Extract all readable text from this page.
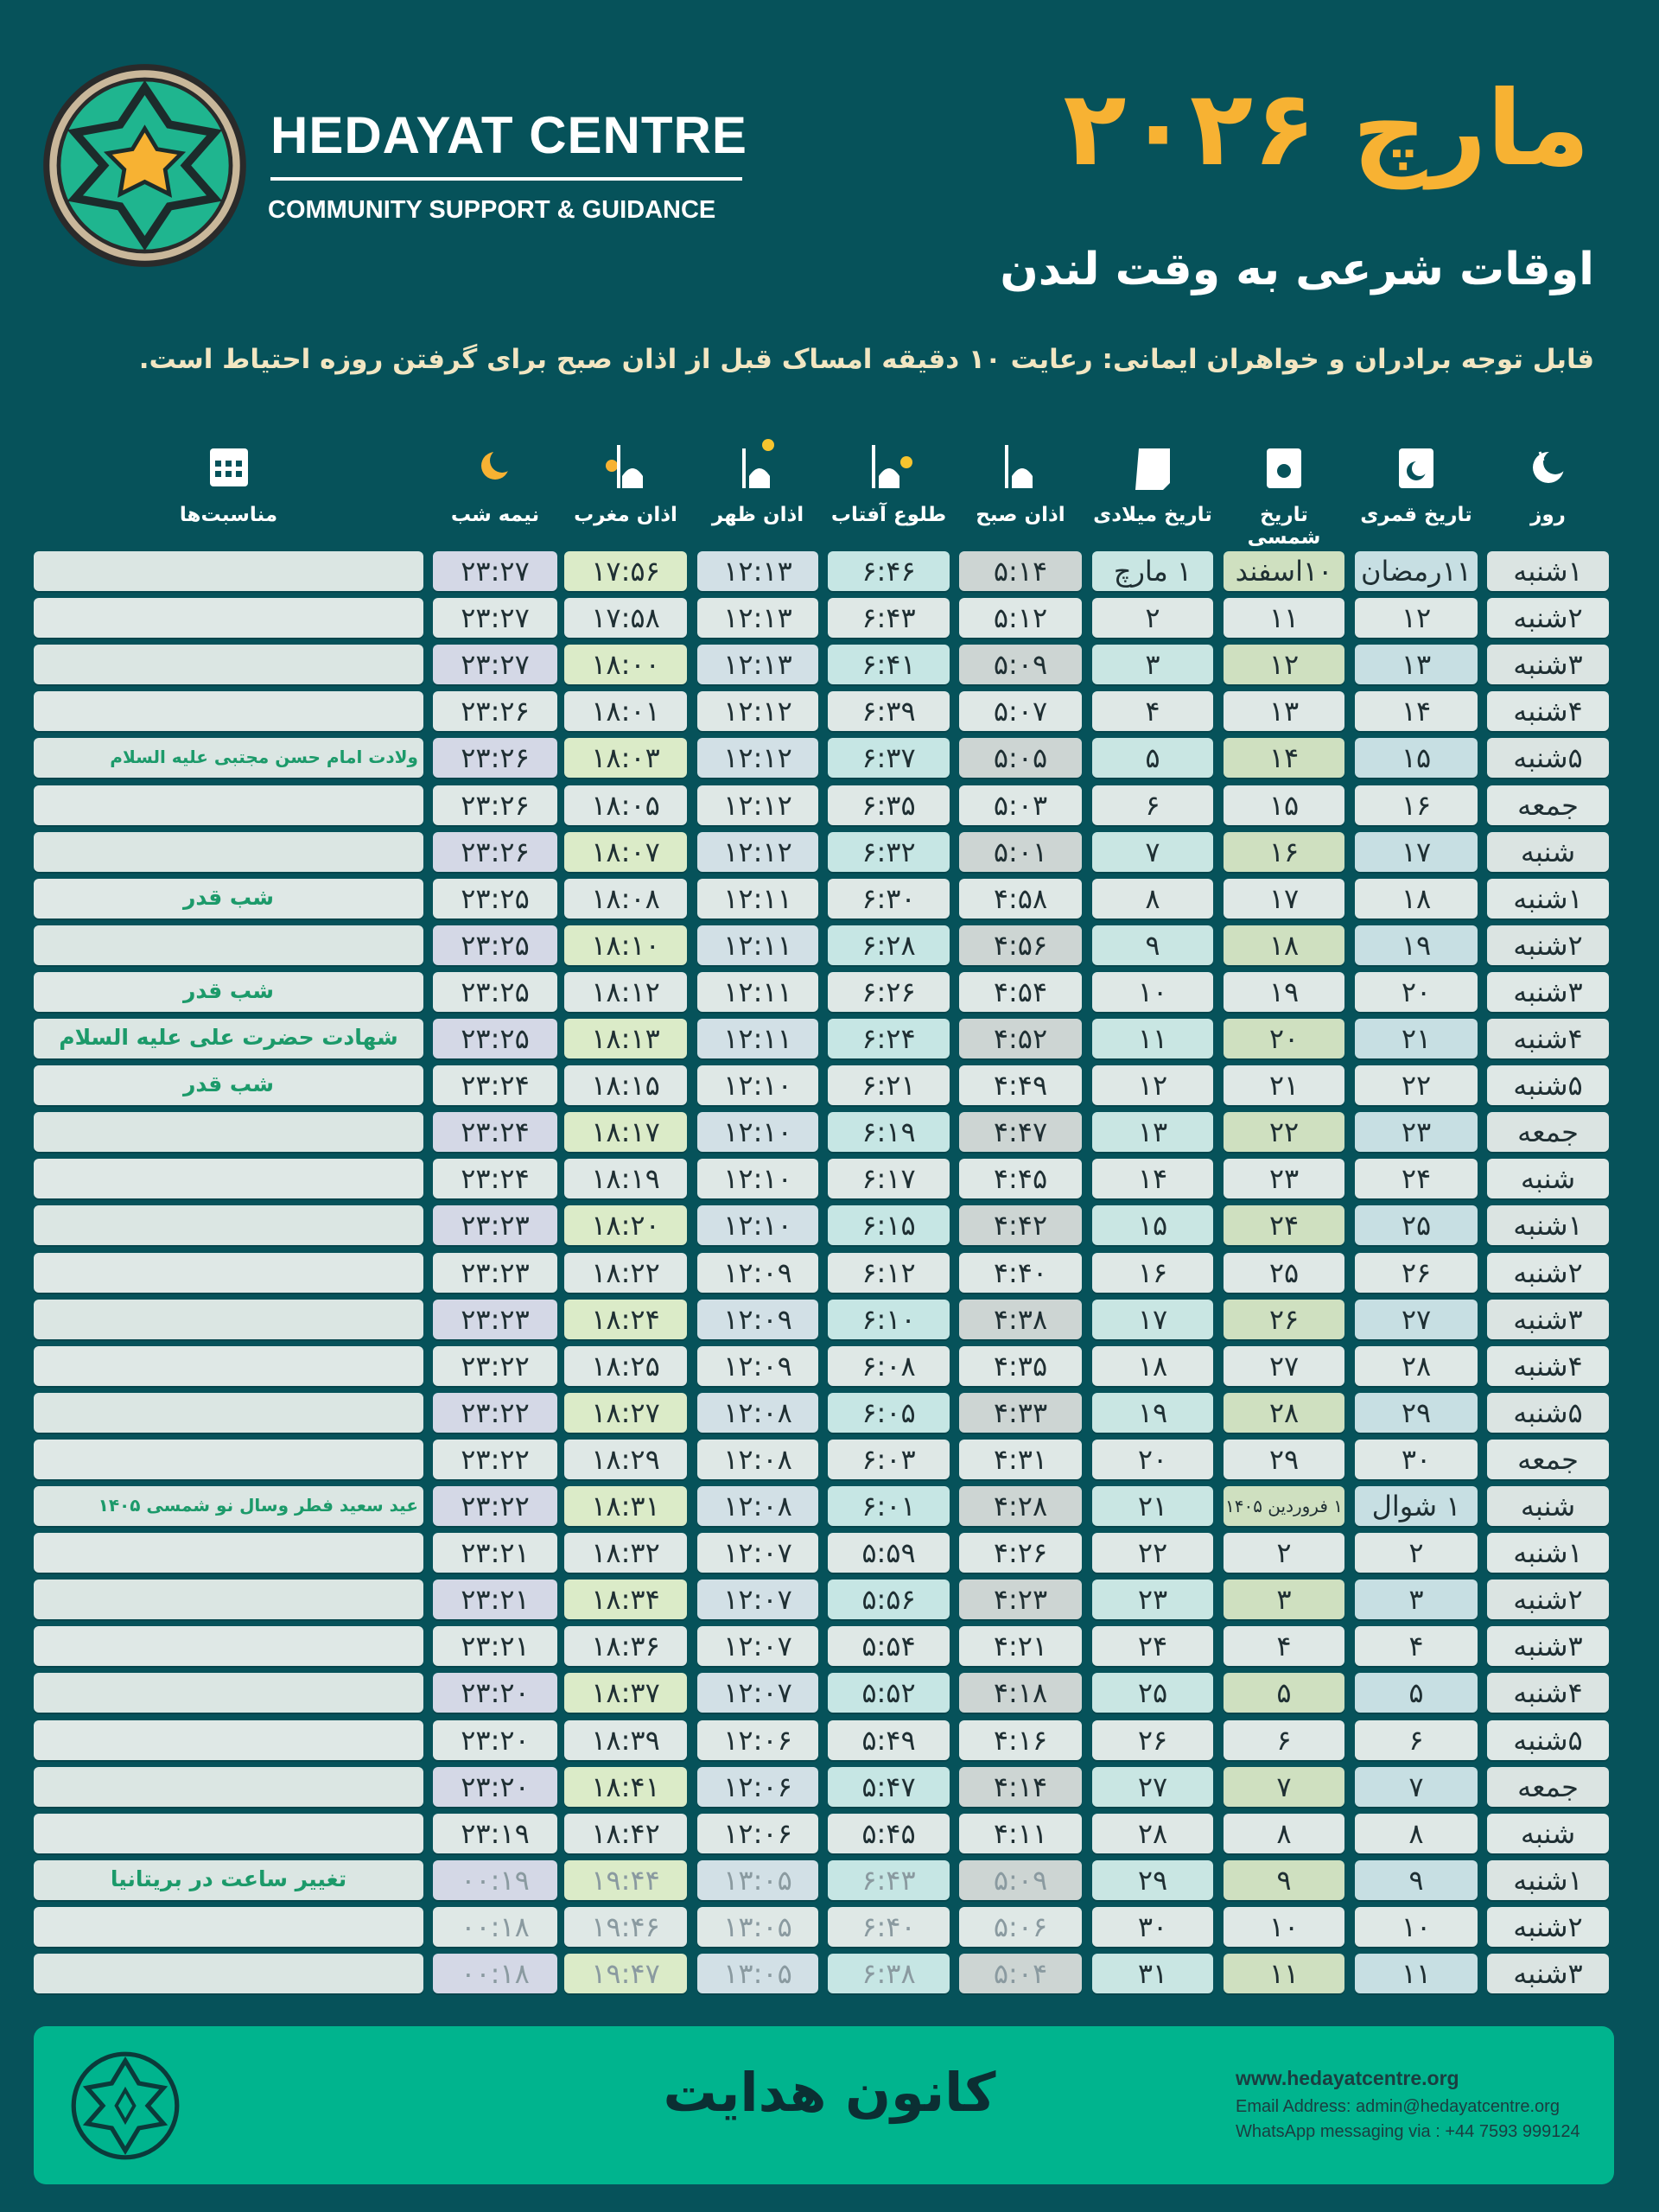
HEDAYAT CENTRE
COMMUNITY SUPPORT & GUIDANCE
مارچ ۲۰۲۶
اوقات شرعی به وقت لندن
قابل توجه برادران و خواهران ایمانی: رعایت ۱۰ دقیقه امساک قبل از اذان صبح برای گرفتن روزه احتیاط است.
روز
تاریخ قمری
تاریخ شمسی
تاریخ میلادی
اذان صبح
طلوع آفتاب
اذان ظهر
اذان مغرب
نیمه شب
مناسبت‌ها
۱شنبه
۱۱رمضان
۱۰اسفند
۱ مارچ
۵:۱۴
۶:۴۶
۱۲:۱۳
۱۷:۵۶
۲۳:۲۷
۲شنبه
۱۲
۱۱
۲
۵:۱۲
۶:۴۳
۱۲:۱۳
۱۷:۵۸
۲۳:۲۷
۳شنبه
۱۳
۱۲
۳
۵:۰۹
۶:۴۱
۱۲:۱۳
۱۸:۰۰
۲۳:۲۷
۴شنبه
۱۴
۱۳
۴
۵:۰۷
۶:۳۹
۱۲:۱۲
۱۸:۰۱
۲۳:۲۶
۵شنبه
۱۵
۱۴
۵
۵:۰۵
۶:۳۷
۱۲:۱۲
۱۸:۰۳
۲۳:۲۶
ولادت امام حسن مجتبی علیه السلام
جمعه
۱۶
۱۵
۶
۵:۰۳
۶:۳۵
۱۲:۱۲
۱۸:۰۵
۲۳:۲۶
شنبه
۱۷
۱۶
۷
۵:۰۱
۶:۳۲
۱۲:۱۲
۱۸:۰۷
۲۳:۲۶
۱شنبه
۱۸
۱۷
۸
۴:۵۸
۶:۳۰
۱۲:۱۱
۱۸:۰۸
۲۳:۲۵
شب قدر
۲شنبه
۱۹
۱۸
۹
۴:۵۶
۶:۲۸
۱۲:۱۱
۱۸:۱۰
۲۳:۲۵
۳شنبه
۲۰
۱۹
۱۰
۴:۵۴
۶:۲۶
۱۲:۱۱
۱۸:۱۲
۲۳:۲۵
شب قدر
۴شنبه
۲۱
۲۰
۱۱
۴:۵۲
۶:۲۴
۱۲:۱۱
۱۸:۱۳
۲۳:۲۵
شهادت حضرت علی علیه السلام
۵شنبه
۲۲
۲۱
۱۲
۴:۴۹
۶:۲۱
۱۲:۱۰
۱۸:۱۵
۲۳:۲۴
شب قدر
جمعه
۲۳
۲۲
۱۳
۴:۴۷
۶:۱۹
۱۲:۱۰
۱۸:۱۷
۲۳:۲۴
شنبه
۲۴
۲۳
۱۴
۴:۴۵
۶:۱۷
۱۲:۱۰
۱۸:۱۹
۲۳:۲۴
۱شنبه
۲۵
۲۴
۱۵
۴:۴۲
۶:۱۵
۱۲:۱۰
۱۸:۲۰
۲۳:۲۳
۲شنبه
۲۶
۲۵
۱۶
۴:۴۰
۶:۱۲
۱۲:۰۹
۱۸:۲۲
۲۳:۲۳
۳شنبه
۲۷
۲۶
۱۷
۴:۳۸
۶:۱۰
۱۲:۰۹
۱۸:۲۴
۲۳:۲۳
۴شنبه
۲۸
۲۷
۱۸
۴:۳۵
۶:۰۸
۱۲:۰۹
۱۸:۲۵
۲۳:۲۲
۵شنبه
۲۹
۲۸
۱۹
۴:۳۳
۶:۰۵
۱۲:۰۸
۱۸:۲۷
۲۳:۲۲
جمعه
۳۰
۲۹
۲۰
۴:۳۱
۶:۰۳
۱۲:۰۸
۱۸:۲۹
۲۳:۲۲
شنبه
۱ شوال
۱ فروردین ۱۴۰۵
۲۱
۴:۲۸
۶:۰۱
۱۲:۰۸
۱۸:۳۱
۲۳:۲۲
عید سعید فطر وسال نو شمسی ۱۴۰۵
۱شنبه
۲
۲
۲۲
۴:۲۶
۵:۵۹
۱۲:۰۷
۱۸:۳۲
۲۳:۲۱
۲شنبه
۳
۳
۲۳
۴:۲۳
۵:۵۶
۱۲:۰۷
۱۸:۳۴
۲۳:۲۱
۳شنبه
۴
۴
۲۴
۴:۲۱
۵:۵۴
۱۲:۰۷
۱۸:۳۶
۲۳:۲۱
۴شنبه
۵
۵
۲۵
۴:۱۸
۵:۵۲
۱۲:۰۷
۱۸:۳۷
۲۳:۲۰
۵شنبه
۶
۶
۲۶
۴:۱۶
۵:۴۹
۱۲:۰۶
۱۸:۳۹
۲۳:۲۰
جمعه
۷
۷
۲۷
۴:۱۴
۵:۴۷
۱۲:۰۶
۱۸:۴۱
۲۳:۲۰
شنبه
۸
۸
۲۸
۴:۱۱
۵:۴۵
۱۲:۰۶
۱۸:۴۲
۲۳:۱۹
۱شنبه
۹
۹
۲۹
۵:۰۹
۶:۴۳
۱۳:۰۵
۱۹:۴۴
۰۰:۱۹
تغییر ساعت در بریتانیا
۲شنبه
۱۰
۱۰
۳۰
۵:۰۶
۶:۴۰
۱۳:۰۵
۱۹:۴۶
۰۰:۱۸
۳شنبه
۱۱
۱۱
۳۱
۵:۰۴
۶:۳۸
۱۳:۰۵
۱۹:۴۷
۰۰:۱۸
کانون هدایت	www.hedayatcentre.org
Email Address: admin@hedayatcentre.org
WhatsApp messaging via : +44 7593 999124
